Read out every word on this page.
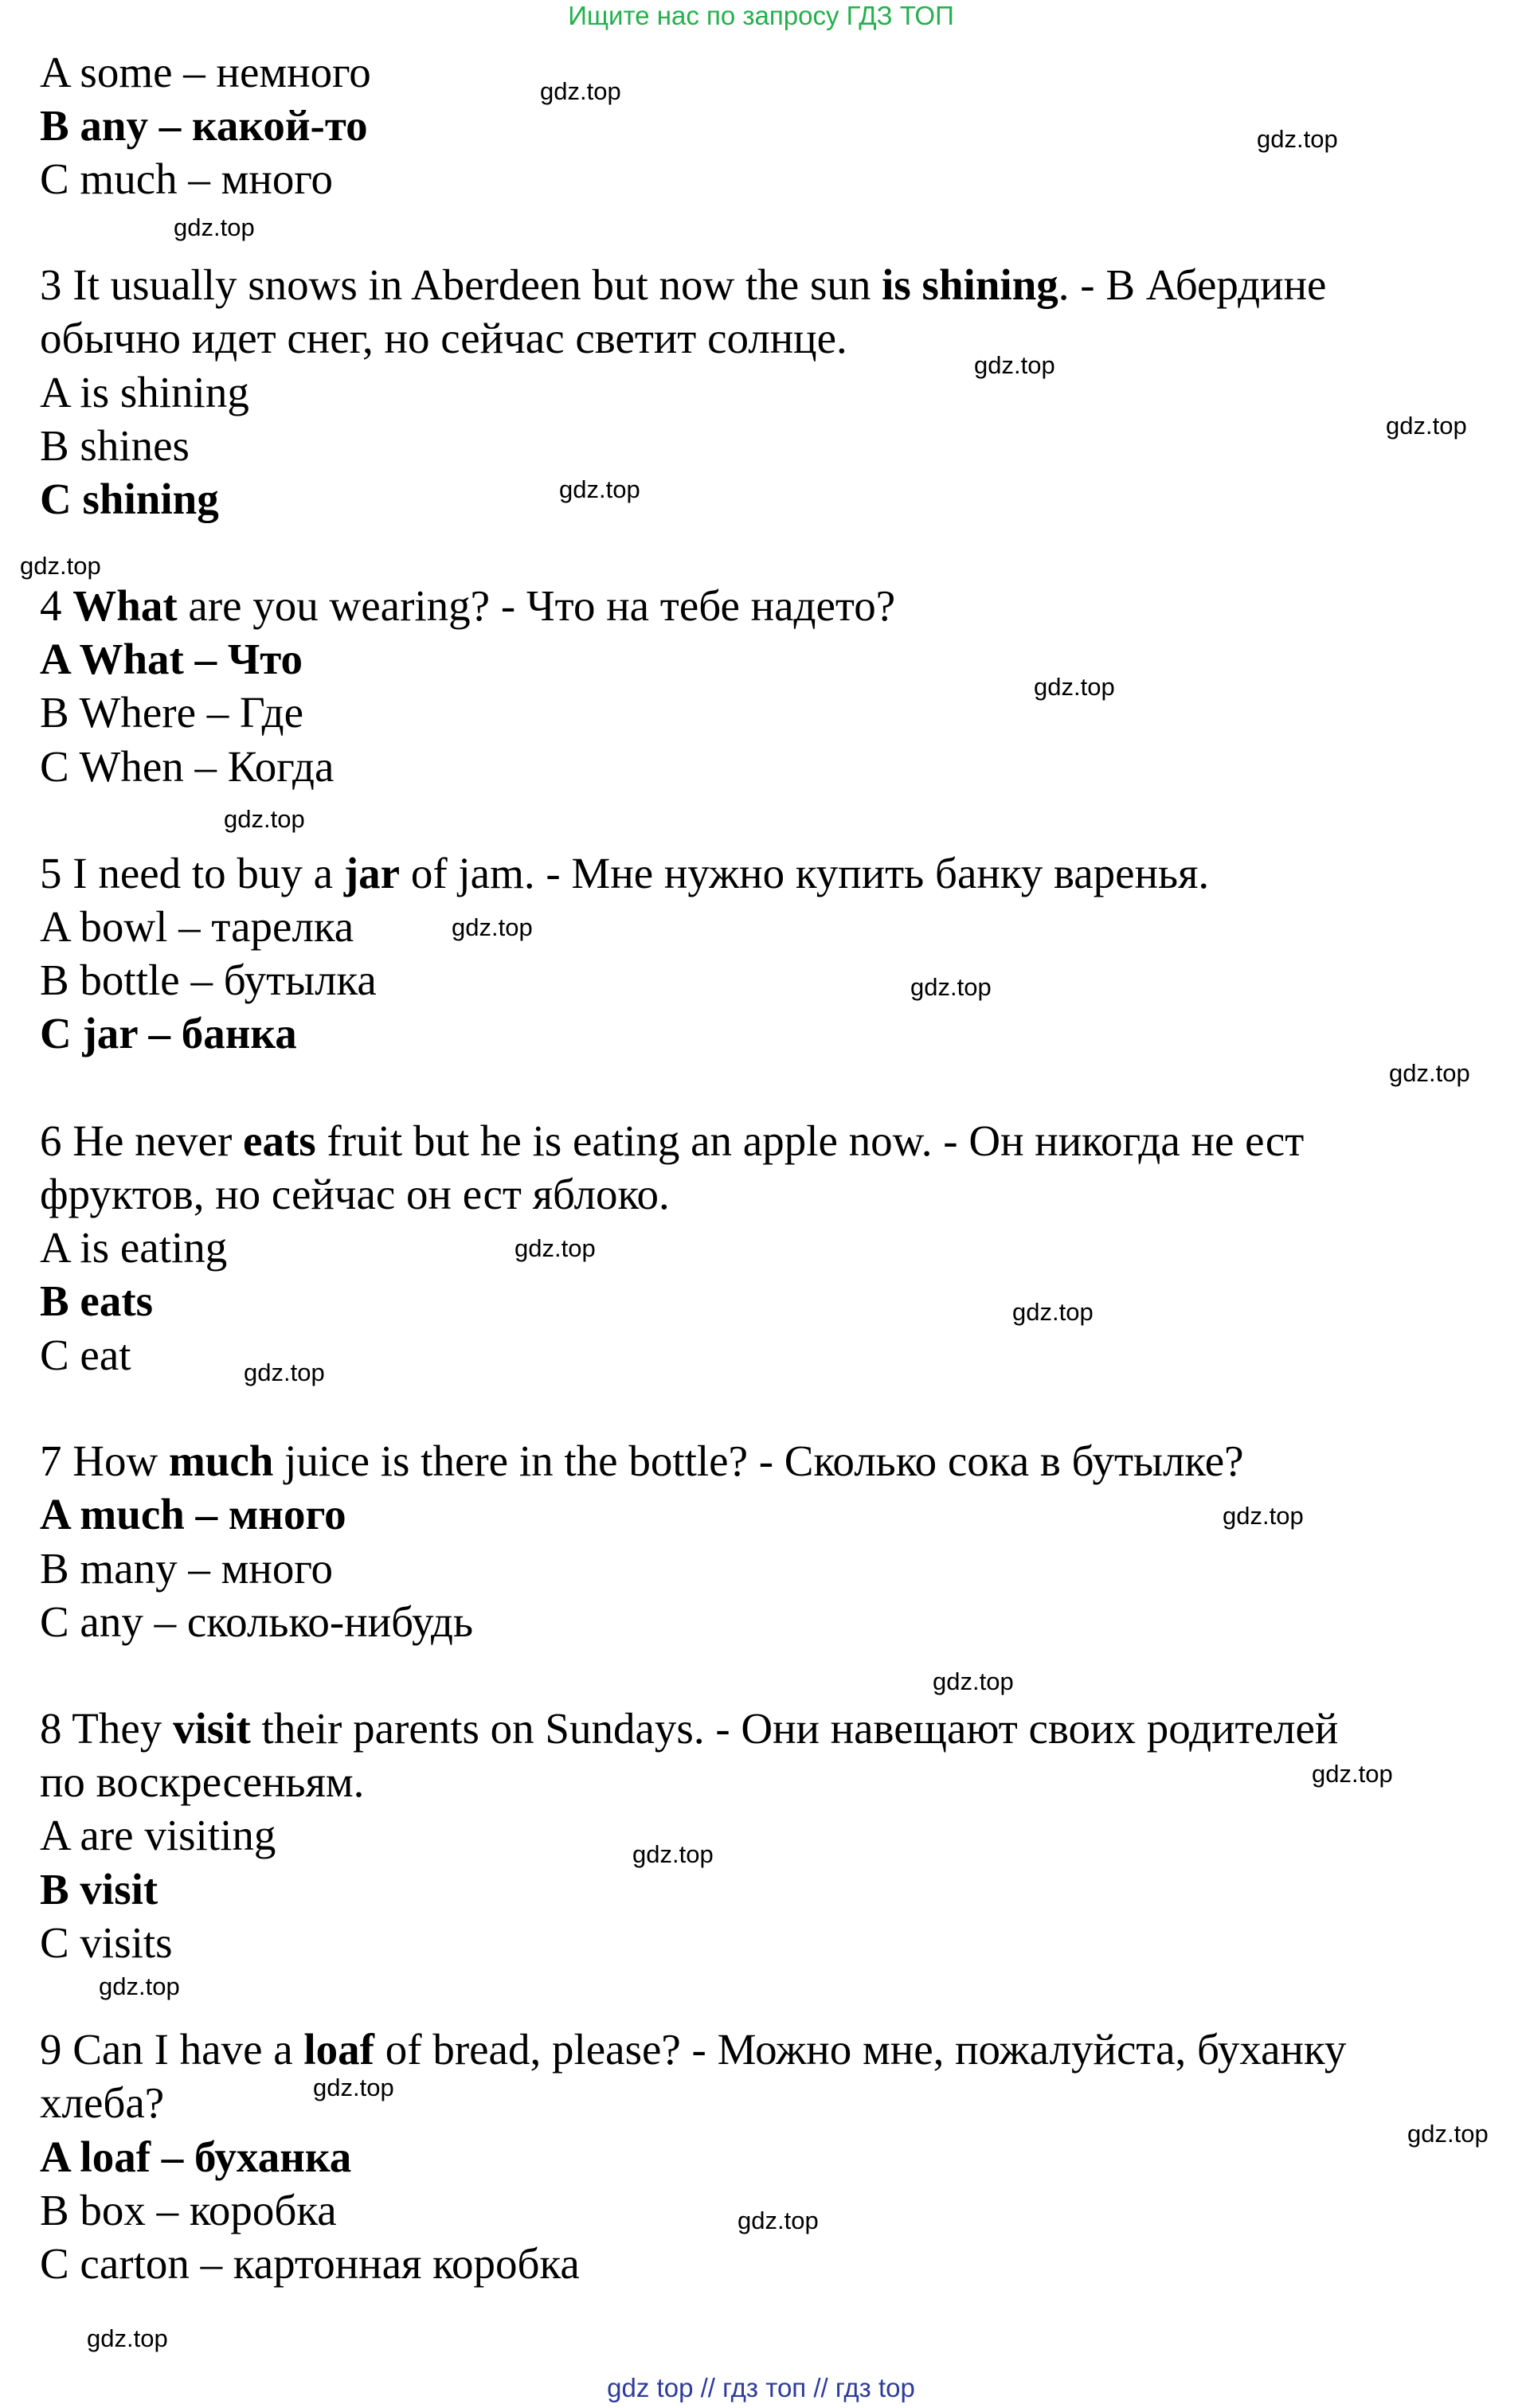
Ищите нас по запросу ГДЗ ТОП
A some – немного
B any – какой-то
C much – много
3 It usually snows in Aberdeen but now the sun is shining. - В Абердине
обычно идет снег, но сейчас светит солнце.
A is shining
B shines
C shining
4 What are you wearing? - Что на тебе надето?
A What – Что
B Where – Где
C When – Когда
5 I need to buy a jar of jam. - Мне нужно купить банку варенья.
A bowl – тарелка
B bottle – бутылка
C jar – банка
6 He never eats fruit but he is eating an apple now. - Он никогда не ест
фруктов, но сейчас он ест яблоко.
A is eating
B eats
C eat
7 How much juice is there in the bottle? - Сколько сока в бутылке?
A much – много
B many – много
C any – сколько-нибудь
8 They visit their parents on Sundays. - Они навещают своих родителей
по воскресеньям.
A are visiting
B visit
C visits
9 Can I have a loaf of bread, please? - Можно мне, пожалуйста, буханку
хлеба?
A loaf – буханка
B box – коробка
C carton – картонная коробка
gdz.top
gdz.top
gdz.top
gdz.top
gdz.top
gdz.top
gdz.top
gdz.top
gdz.top
gdz.top
gdz.top
gdz.top
gdz.top
gdz.top
gdz.top
gdz.top
gdz.top
gdz.top
gdz.top
gdz.top
gdz.top
gdz.top
gdz.top
gdz.top
gdz top // гдз топ // гдз top
